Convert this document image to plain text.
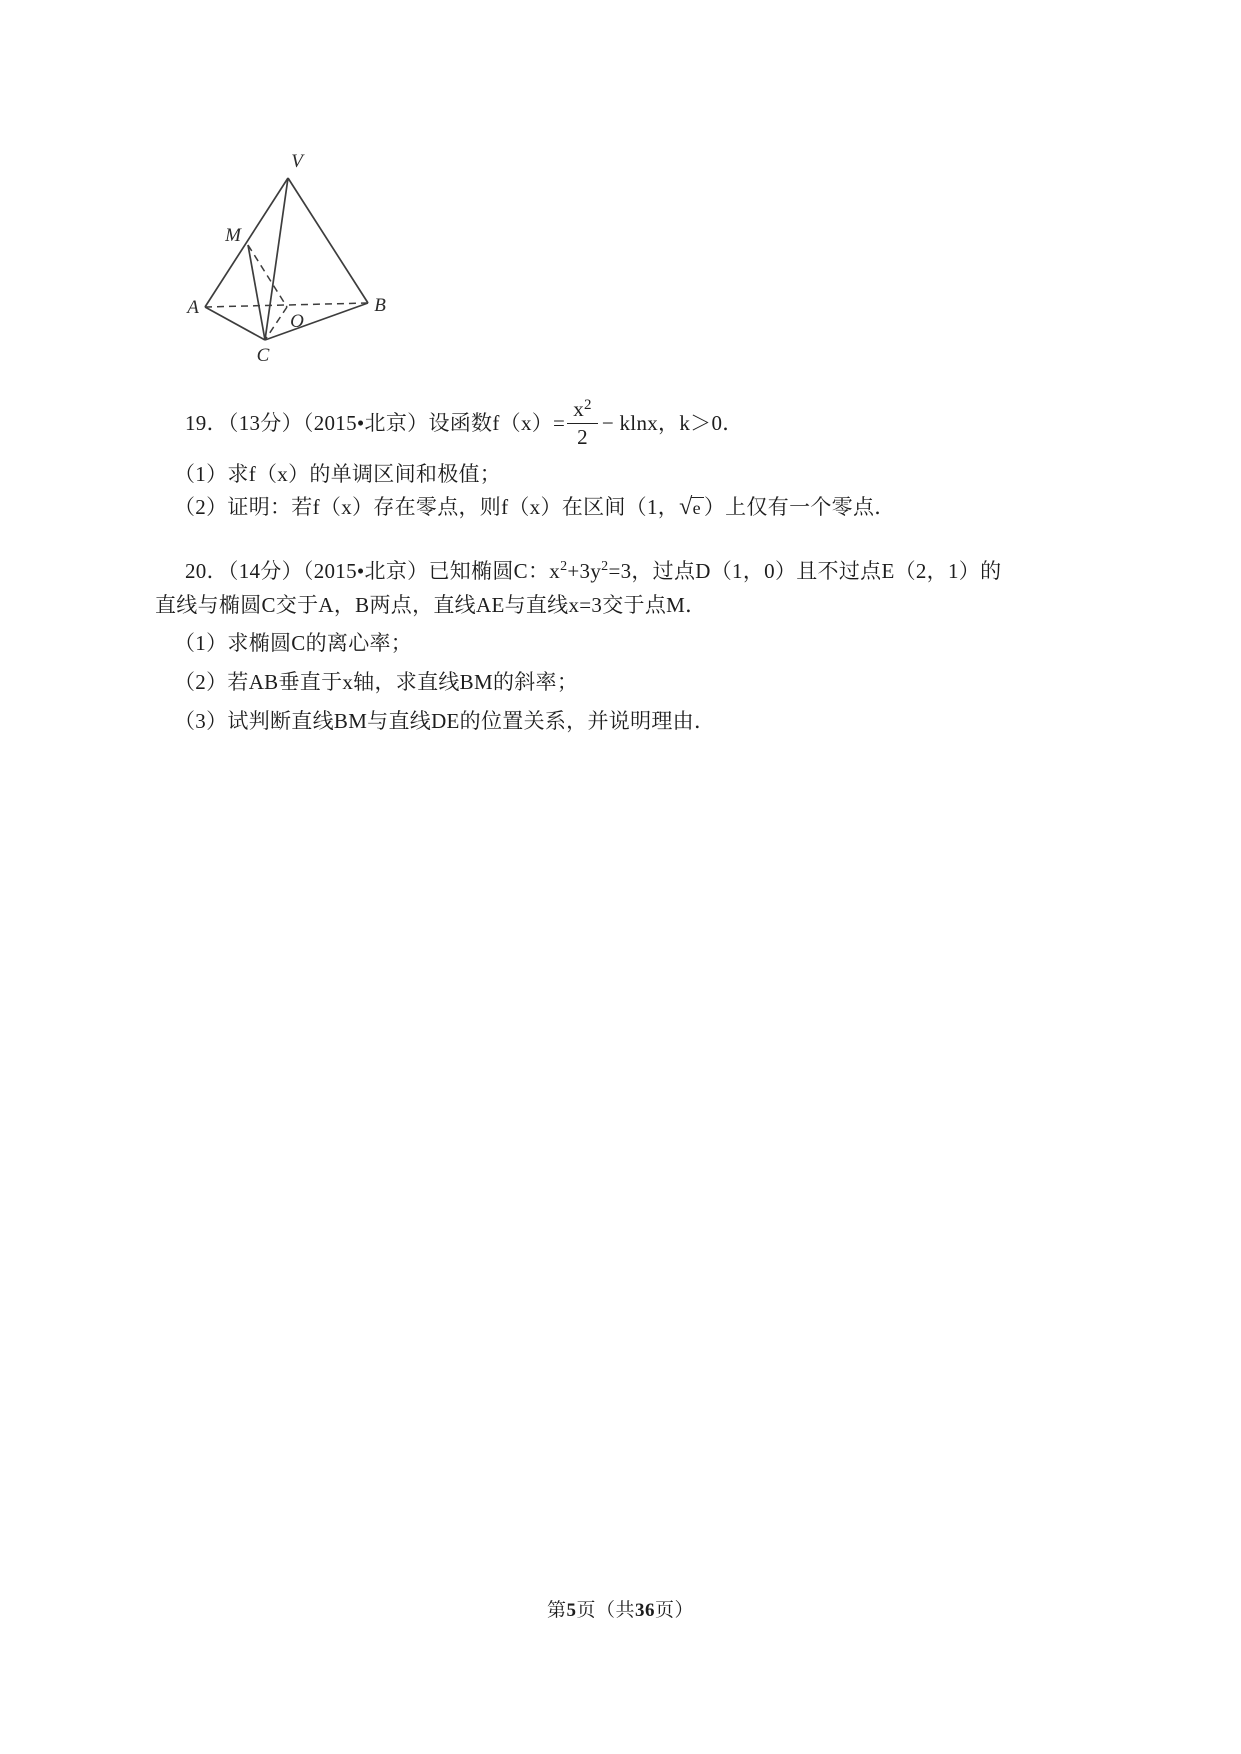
V
M
A	B
O
C
19．（13分）（2015•北京）设函数$f(x)= \frac{x^2}{2} - klnx$，k＞0．
（1）求f（x）的单调区间和极值；
（2）证明：若f（x）存在零点，则f（x）在区间（1，√e ）上仅有一个零点．
20．（14分）（2015•北京）已知椭圆C：$x^2+3y^2=3$，过点D（1，0）且不过点E（2，1）的
直线与椭圆C交于A，B两点，直线AE与直线x=3交于点M．
（1）求椭圆C的离心率；
（2）若AB垂直于x轴，求直线BM的斜率；
（3）试判断直线BM与直线DE的位置关系，并说明理由．
第5页（共36页）
